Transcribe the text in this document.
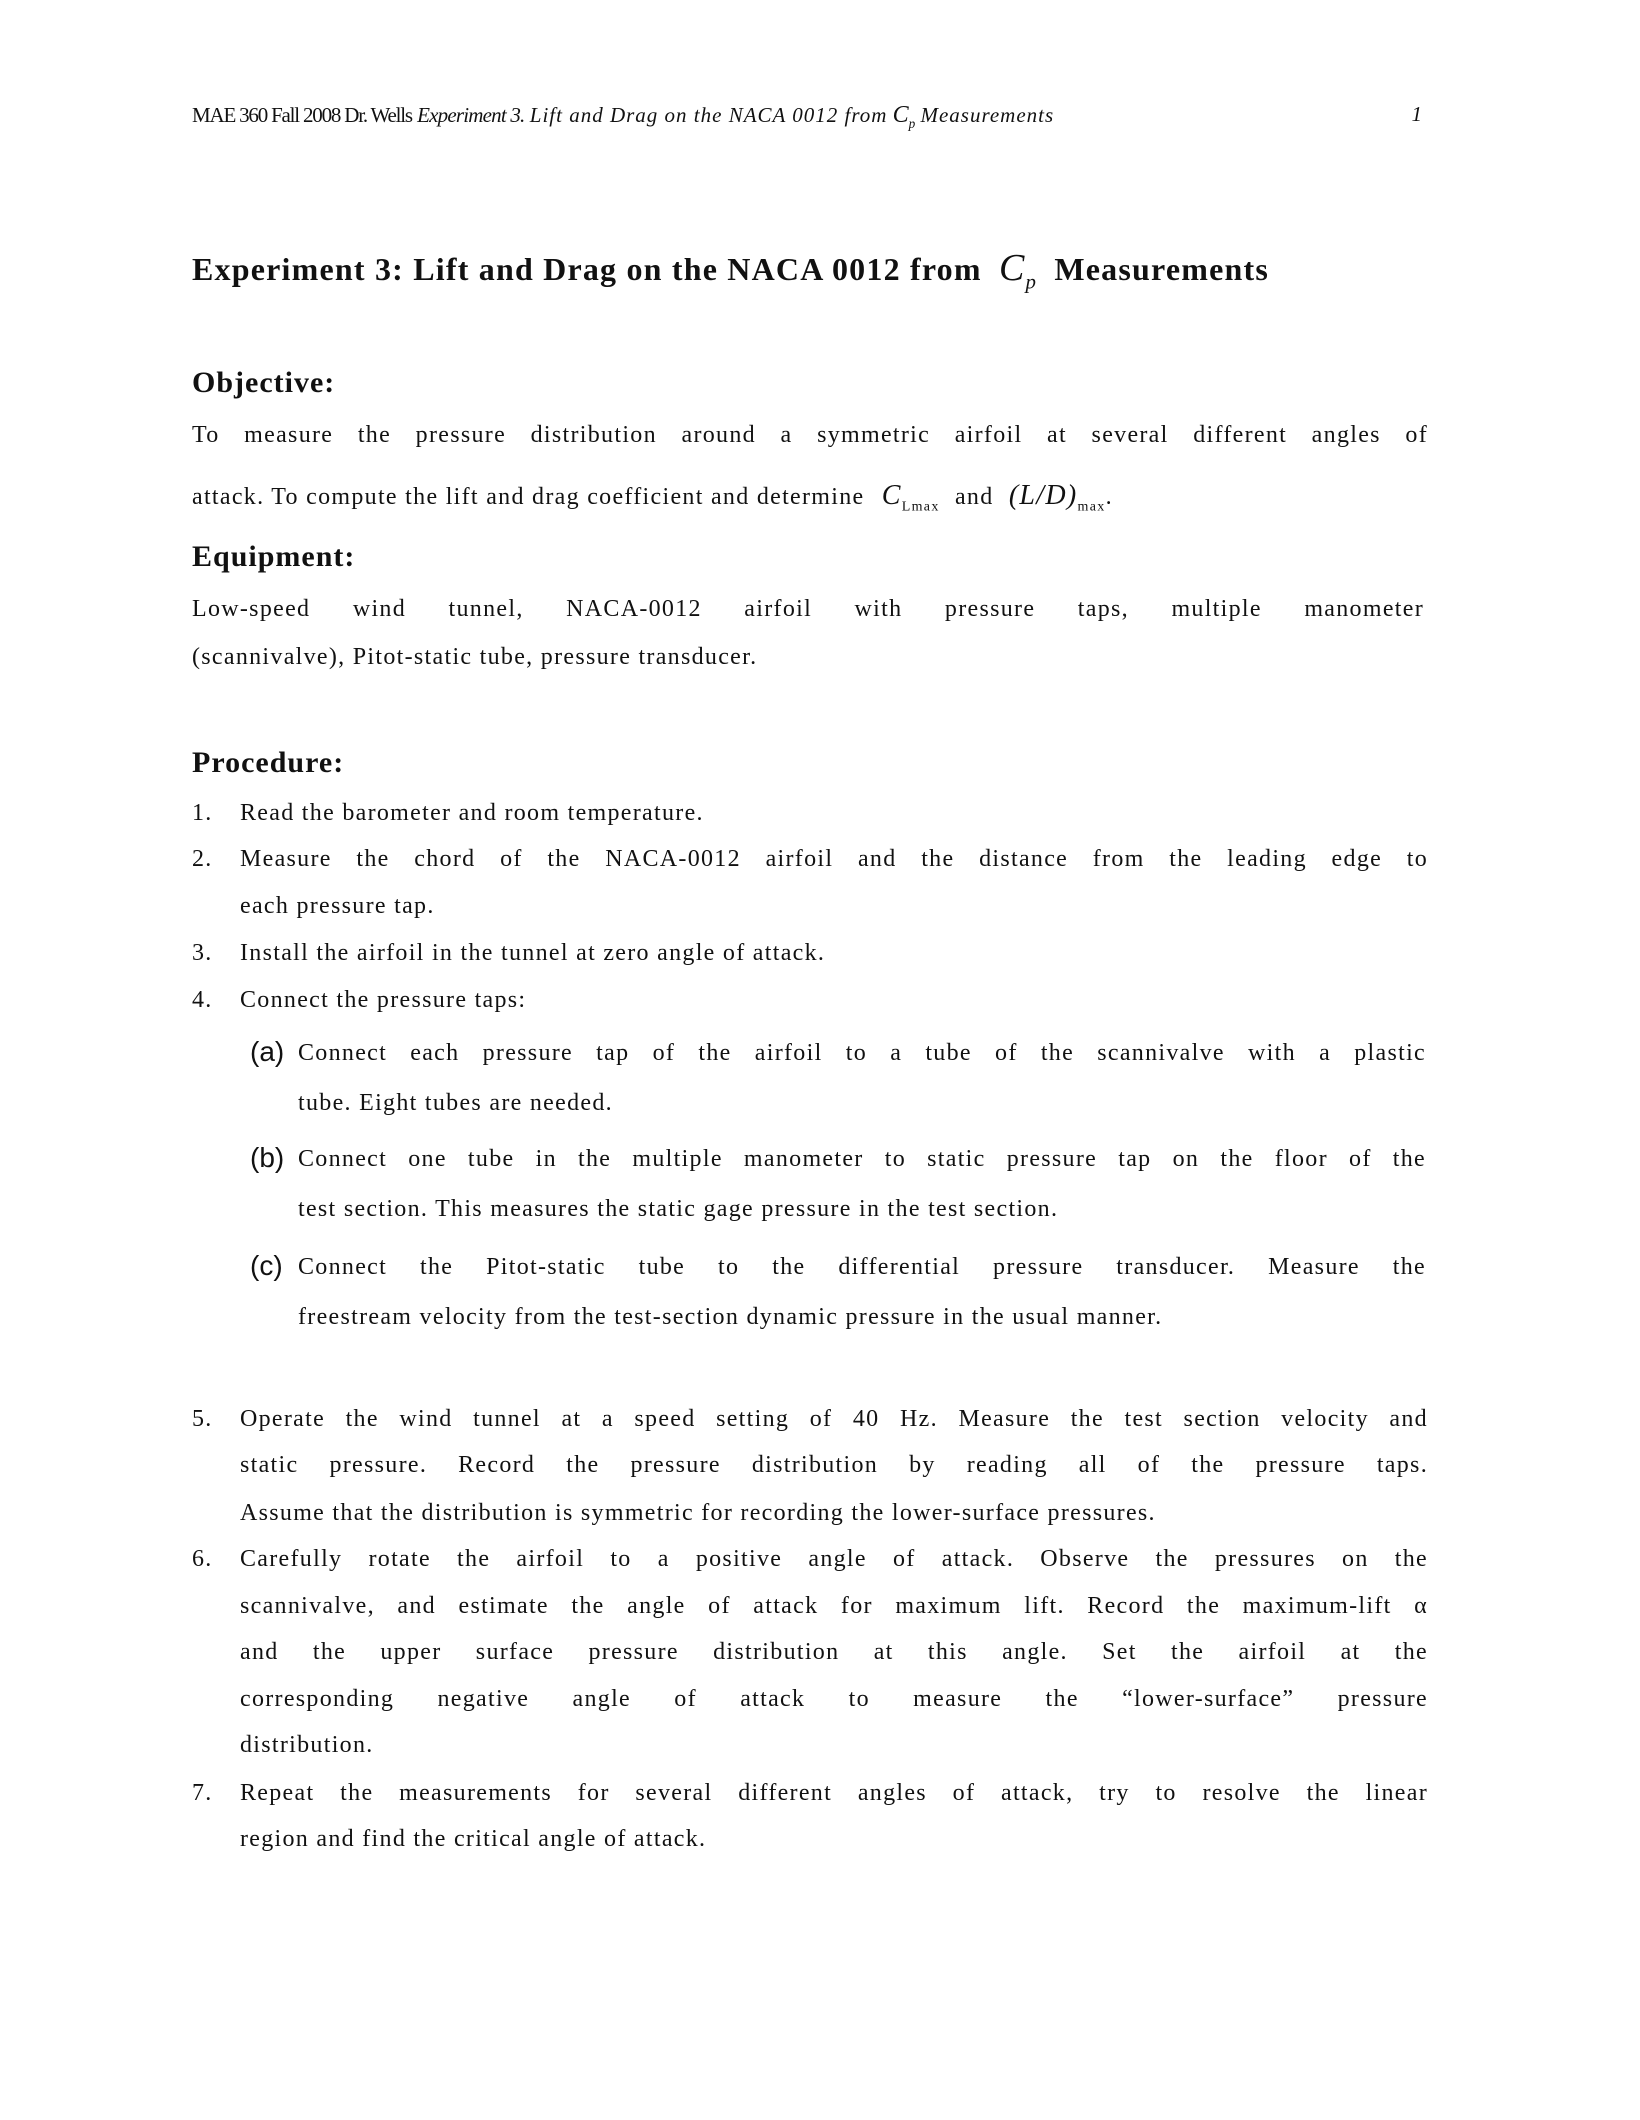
MAE 360 Fall 2008 Dr. Wells Experiment 3. Lift and Drag on the NACA 0012 from $C_p$ Measurements	1
Experiment 3: Lift and Drag on the NACA 0012 from $C_p$ Measurements
Objective:
To measure the pressure distribution around a symmetric airfoil at several different angles of
attack. To compute the lift and drag coefficient and determine $C_{Lmax}$ and $(L/D)_{max}$.
Equipment:
Low-speed wind tunnel, NACA-0012 airfoil with pressure taps, multiple manometer
(scannivalve), Pitot-static tube, pressure transducer.
Procedure:
1. Read the barometer and room temperature.
2. Measure the chord of the NACA-0012 airfoil and the distance from the leading edge to
each pressure tap.
3. Install the airfoil in the tunnel at zero angle of attack.
4. Connect the pressure taps:
(a) Connect each pressure tap of the airfoil to a tube of the scannivalve with a plastic
tube. Eight tubes are needed.
(b) Connect one tube in the multiple manometer to static pressure tap on the floor of the
test section. This measures the static gage pressure in the test section.
(c) Connect the Pitot-static tube to the differential pressure transducer. Measure the
freestream velocity from the test-section dynamic pressure in the usual manner.
5. Operate the wind tunnel at a speed setting of 40 Hz. Measure the test section velocity and
static pressure. Record the pressure distribution by reading all of the pressure taps.
Assume that the distribution is symmetric for recording the lower-surface pressures.
6. Carefully rotate the airfoil to a positive angle of attack. Observe the pressures on the
scannivalve, and estimate the angle of attack for maximum lift. Record the maximum-lift α
and the upper surface pressure distribution at this angle. Set the airfoil at the
corresponding negative angle of attack to measure the “lower-surface” pressure
distribution.
7. Repeat the measurements for several different angles of attack, try to resolve the linear
region and find the critical angle of attack.
